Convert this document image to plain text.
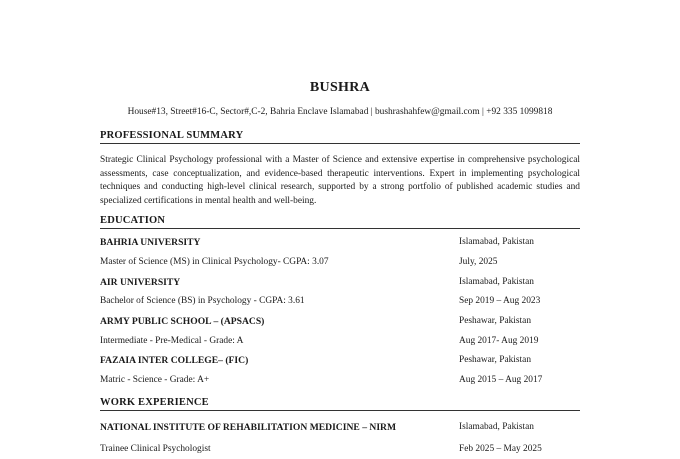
BUSHRA
House#13, Street#16-C, Sector#,C-2, Bahria Enclave Islamabad | bushrashahfew@gmail.com | +92 335 1099818
PROFESSIONAL SUMMARY
Strategic Clinical Psychology professional with a Master of Science and extensive expertise in comprehensive psychological assessments, case conceptualization, and evidence-based therapeutic interventions. Expert in implementing psychological techniques and conducting high-level clinical research, supported by a strong portfolio of published academic studies and specialized certifications in mental health and well-being.
EDUCATION
BAHRIA UNIVERSITY	Islamabad, Pakistan
Master of Science (MS) in Clinical Psychology- CGPA: 3.07	July, 2025
AIR UNIVERSITY	Islamabad, Pakistan
Bachelor of Science (BS) in Psychology - CGPA: 3.61	Sep 2019 – Aug 2023
ARMY PUBLIC SCHOOL – (APSACS)	Peshawar, Pakistan
Intermediate - Pre-Medical - Grade: A	Aug 2017- Aug 2019
FAZAIA INTER COLLEGE– (FIC)	Peshawar, Pakistan
Matric - Science - Grade: A+	Aug 2015 – Aug 2017
WORK EXPERIENCE
NATIONAL INSTITUTE OF REHABILITATION MEDICINE – NIRM	Islamabad, Pakistan
Trainee Clinical Psychologist	Feb 2025 – May 2025
